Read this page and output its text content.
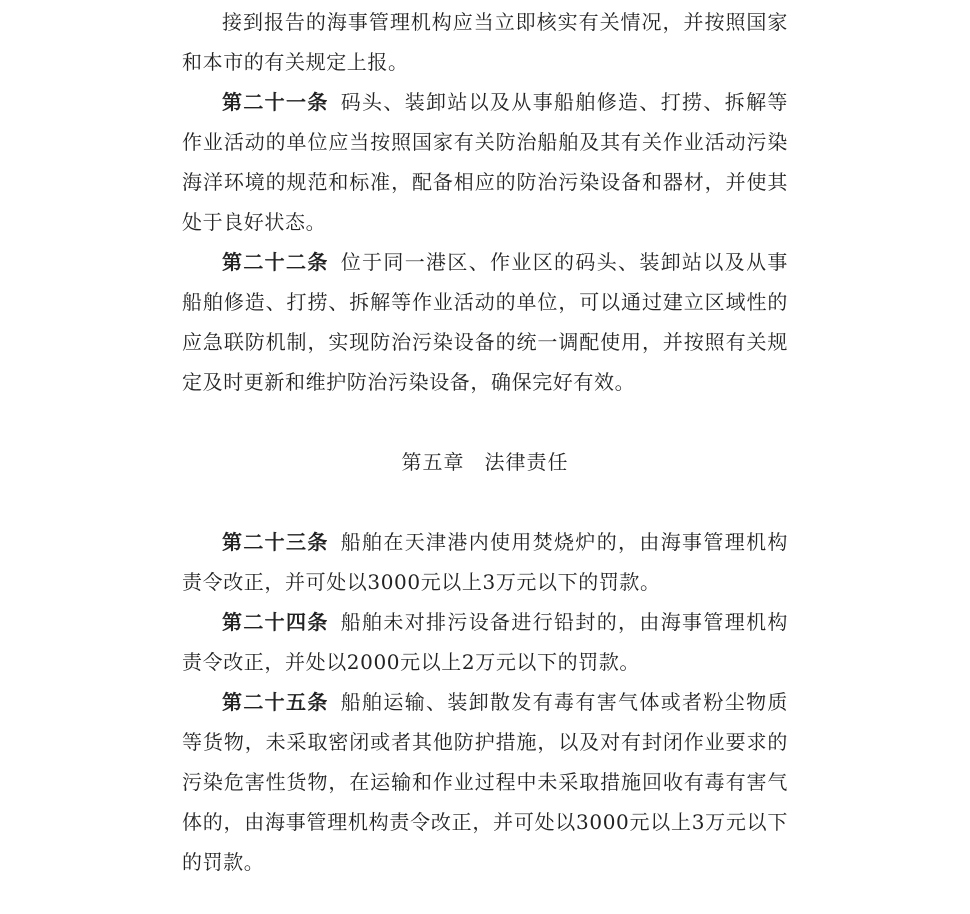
接到报告的海事管理机构应当立即核实有关情况，并按照国家和本市的有关规定上报。

第二十一条 码头、装卸站以及从事船舶修造、打捞、拆解等作业活动的单位应当按照国家有关防治船舶及其有关作业活动污染海洋环境的规范和标准，配备相应的防治污染设备和器材，并使其处于良好状态。

第二十二条 位于同一港区、作业区的码头、装卸站以及从事船舶修造、打捞、拆解等作业活动的单位，可以通过建立区域性的应急联防机制，实现防治污染设备的统一调配使用，并按照有关规定及时更新和维护防治污染设备，确保完好有效。

第五章 法律责任

第二十三条 船舶在天津港内使用焚烧炉的，由海事管理机构责令改正，并可处以3000元以上3万元以下的罚款。

第二十四条 船舶未对排污设备进行铅封的，由海事管理机构责令改正，并处以2000元以上2万元以下的罚款。

第二十五条 船舶运输、装卸散发有毒有害气体或者粉尘物质等货物，未采取密闭或者其他防护措施，以及对有封闭作业要求的污染危害性货物，在运输和作业过程中未采取措施回收有毒有害气体的，由海事管理机构责令改正，并可处以3000元以上3万元以下的罚款。
